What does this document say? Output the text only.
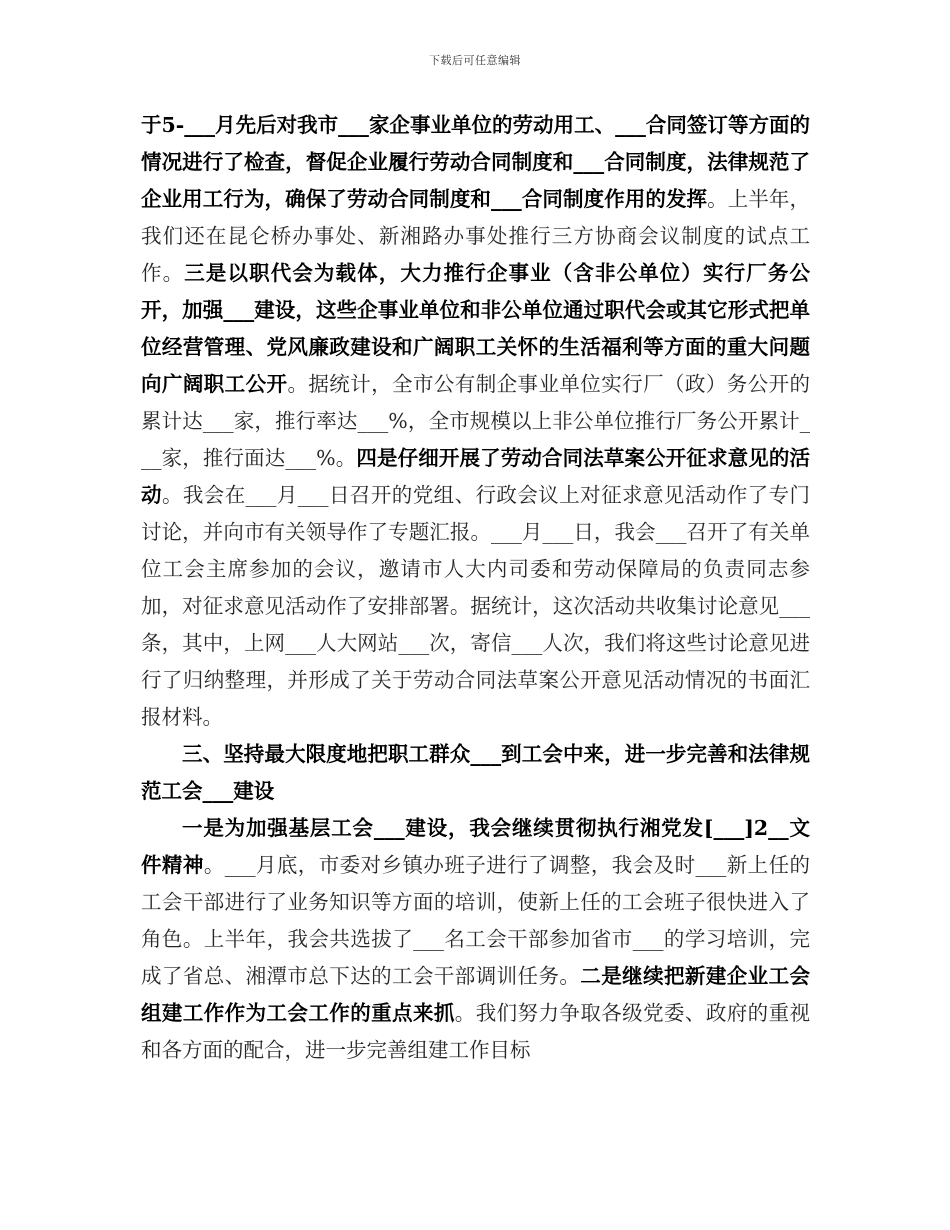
下载后可任意编辑

于5-___月先后对我市___家企事业单位的劳动用工、___合同签订等方面的情况进行了检查，督促企业履行劳动合同制度和___合同制度，法律规范了企业用工行为，确保了劳动合同制度和___合同制度作用的发挥。上半年，我们还在昆仑桥办事处、新湘路办事处推行三方协商会议制度的试点工作。三是以职代会为载体，大力推行企事业（含非公单位）实行厂务公开，加强___建设，这些企事业单位和非公单位通过职代会或其它形式把单位经营管理、党风廉政建设和广阔职工关怀的生活福利等方面的重大问题向广阔职工公开。据统计，全市公有制企事业单位实行厂（政）务公开的累计达___家，推行率达___%，全市规模以上非公单位推行厂务公开累计___家，推行面达___%。四是仔细开展了劳动合同法草案公开征求意见的活动。我会在___月___日召开的党组、行政会议上对征求意见活动作了专门讨论，并向市有关领导作了专题汇报。___月___日，我会___召开了有关单位工会主席参加的会议，邀请市人大内司委和劳动保障局的负责同志参加，对征求意见活动作了安排部署。据统计，这次活动共收集讨论意见___条，其中，上网___人大网站___次，寄信___人次，我们将这些讨论意见进行了归纳整理，并形成了关于劳动合同法草案公开意见活动情况的书面汇报材料。

三、坚持最大限度地把职工群众___到工会中来，进一步完善和法律规范工会___建设

一是为加强基层工会___建设，我会继续贯彻执行湘党发[___]2__文件精神。___月底，市委对乡镇办班子进行了调整，我会及时___新上任的工会干部进行了业务知识等方面的培训，使新上任的工会班子很快进入了角色。上半年，我会共选拔了___名工会干部参加省市___的学习培训，完成了省总、湘潭市总下达的工会干部调训任务。二是继续把新建企业工会组建工作作为工会工作的重点来抓。我们努力争取各级党委、政府的重视和各方面的配合，进一步完善组建工作目标
